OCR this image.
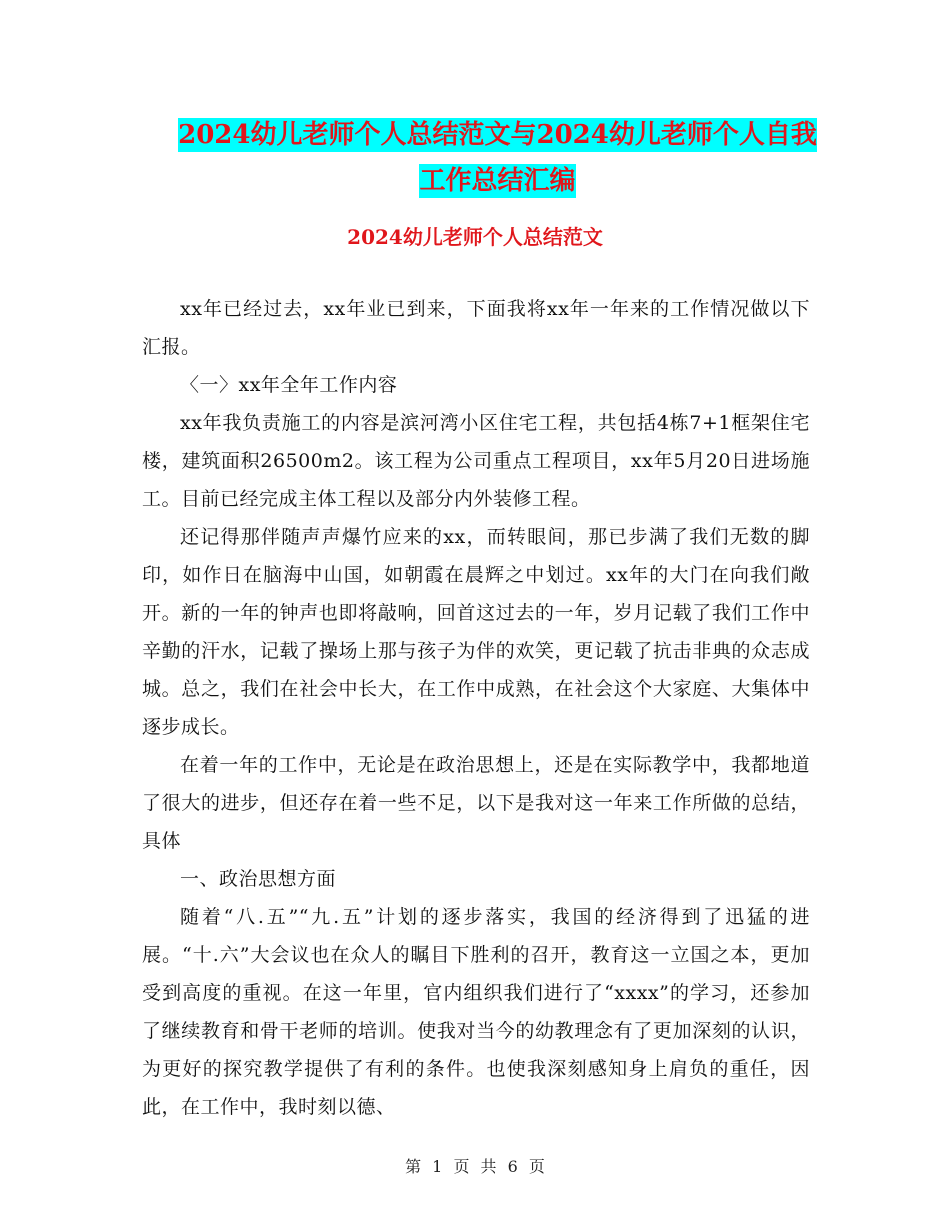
2024幼儿老师个人总结范文与2024幼儿老师个人自我
工作总结汇编
2024幼儿老师个人总结范文

xx年已经过去，xx年业已到来，下面我将xx年一年来的工作情况做以下汇报。

〈一〉xx年全年工作内容

xx年我负责施工的内容是滨河湾小区住宅工程，共包括4栋7+1框架住宅楼，建筑面积26500m2。该工程为公司重点工程项目，xx年5月20日进场施工。目前已经完成主体工程以及部分内外装修工程。

还记得那伴随声声爆竹应来的xx，而转眼间，那已步满了我们无数的脚印，如作日在脑海中山国，如朝霞在晨辉之中划过。xx年的大门在向我们敞开。新的一年的钟声也即将敲响，回首这过去的一年，岁月记载了我们工作中辛勤的汗水，记载了操场上那与孩子为伴的欢笑，更记载了抗击非典的众志成城。总之，我们在社会中长大，在工作中成熟，在社会这个大家庭、大集体中逐步成长。

在着一年的工作中，无论是在政治思想上，还是在实际教学中，我都地道了很大的进步，但还存在着一些不足，以下是我对这一年来工作所做的总结，具体

一、政治思想方面

随着“八.五”“九.五”计划的逐步落实，我国的经济得到了迅猛的进展。“十.六”大会议也在众人的瞩目下胜利的召开，教育这一立国之本，更加受到高度的重视。在这一年里，官内组织我们进行了“xxxx”的学习，还参加了继续教育和骨干老师的培训。使我对当今的幼教理念有了更加深刻的认识，为更好的探究教学提供了有利的条件。也使我深刻感知身上肩负的重任，因此，在工作中，我时刻以德、

第 1 页 共 6 页
